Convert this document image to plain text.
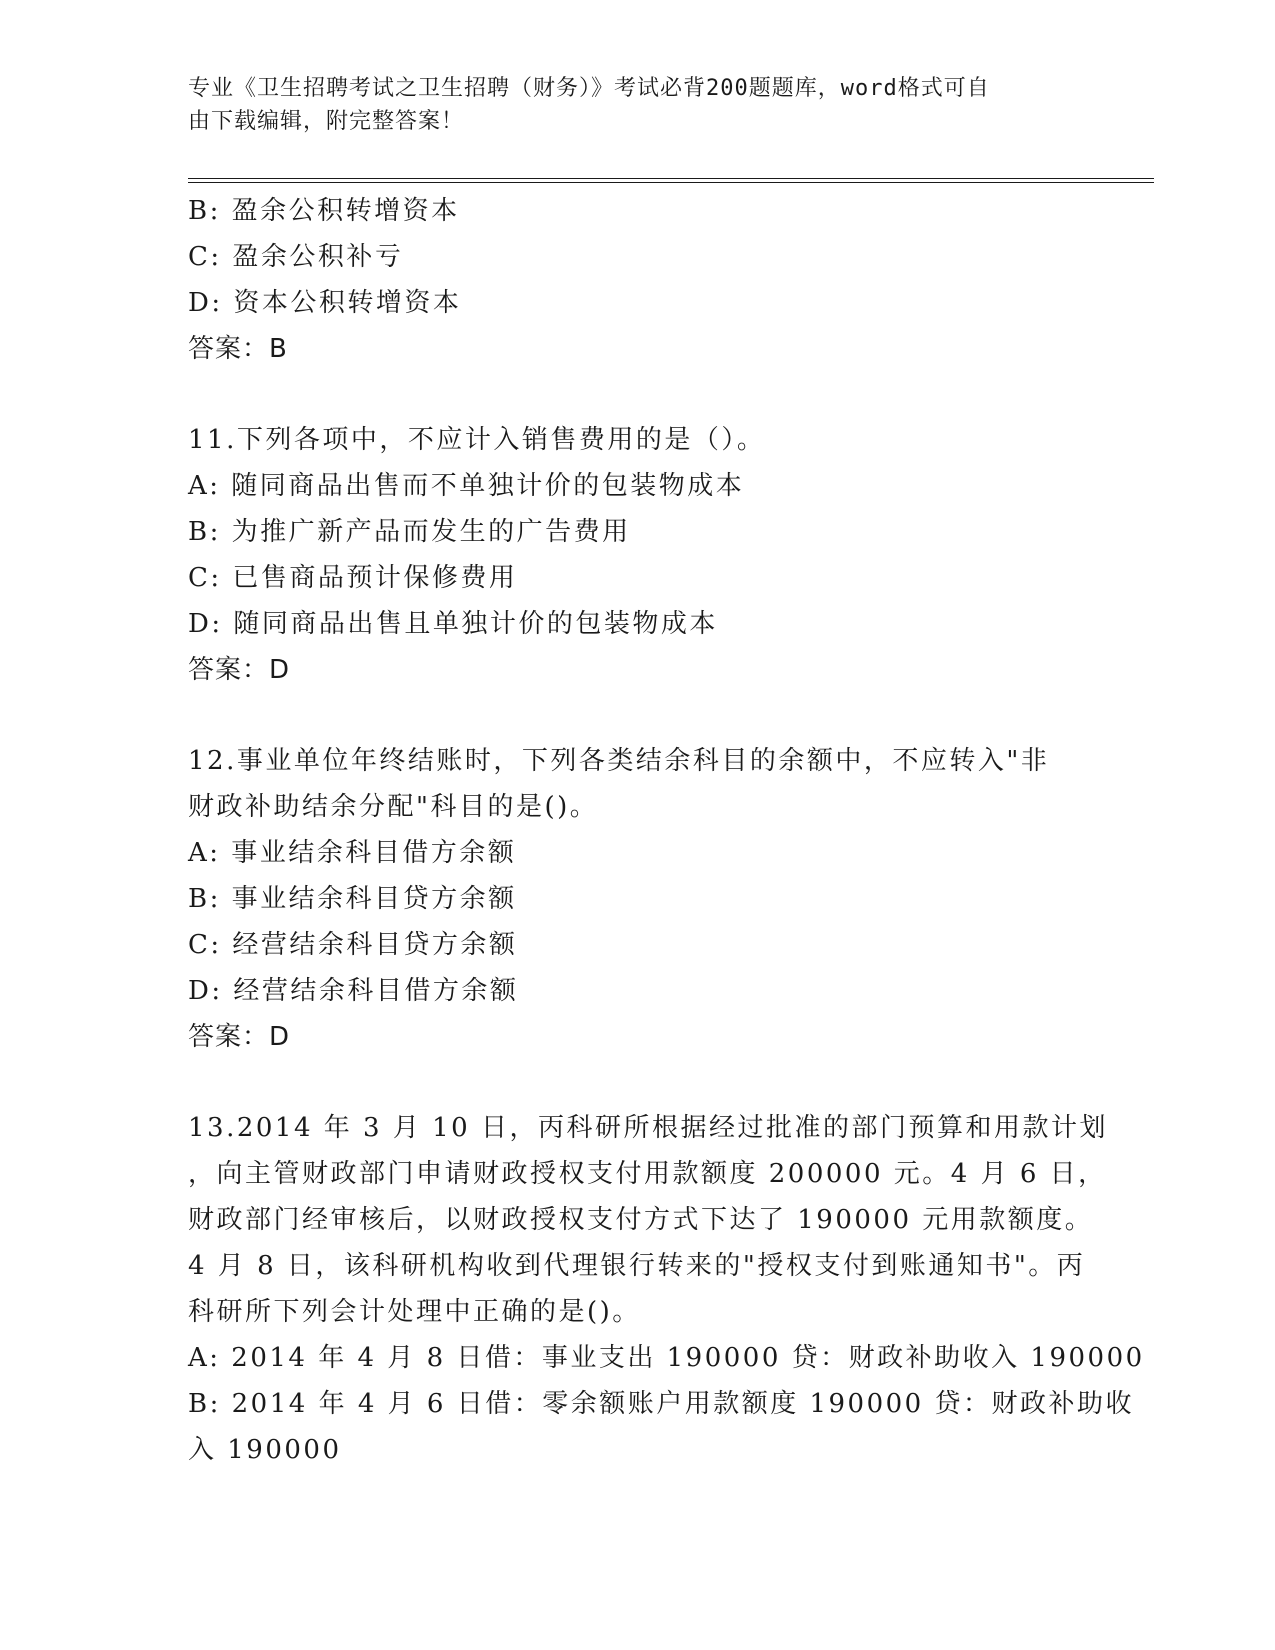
专业《卫生招聘考试之卫生招聘（财务）》考试必背200题题库，word格式可自
由下载编辑，附完整答案！
B: 盈余公积转增资本
C: 盈余公积补亏
D: 资本公积转增资本
答案：B
11.下列各项中，不应计入销售费用的是（）。
A: 随同商品出售而不单独计价的包装物成本
B: 为推广新产品而发生的广告费用
C: 已售商品预计保修费用
D: 随同商品出售且单独计价的包装物成本
答案：D
12.事业单位年终结账时，下列各类结余科目的余额中，不应转入"非
财政补助结余分配"科目的是()。
A: 事业结余科目借方余额
B: 事业结余科目贷方余额
C: 经营结余科目贷方余额
D: 经营结余科目借方余额
答案：D
13.2014 年 3 月 10 日，丙科研所根据经过批准的部门预算和用款计划
，向主管财政部门申请财政授权支付用款额度 200000 元。4 月 6 日，
财政部门经审核后，以财政授权支付方式下达了 190000 元用款额度。
4 月 8 日，该科研机构收到代理银行转来的"授权支付到账通知书"。丙
科研所下列会计处理中正确的是()。
A: 2014 年 4 月 8 日借：事业支出 190000 贷：财政补助收入 190000
B: 2014 年 4 月 6 日借：零余额账户用款额度 190000 贷：财政补助收
入 190000
